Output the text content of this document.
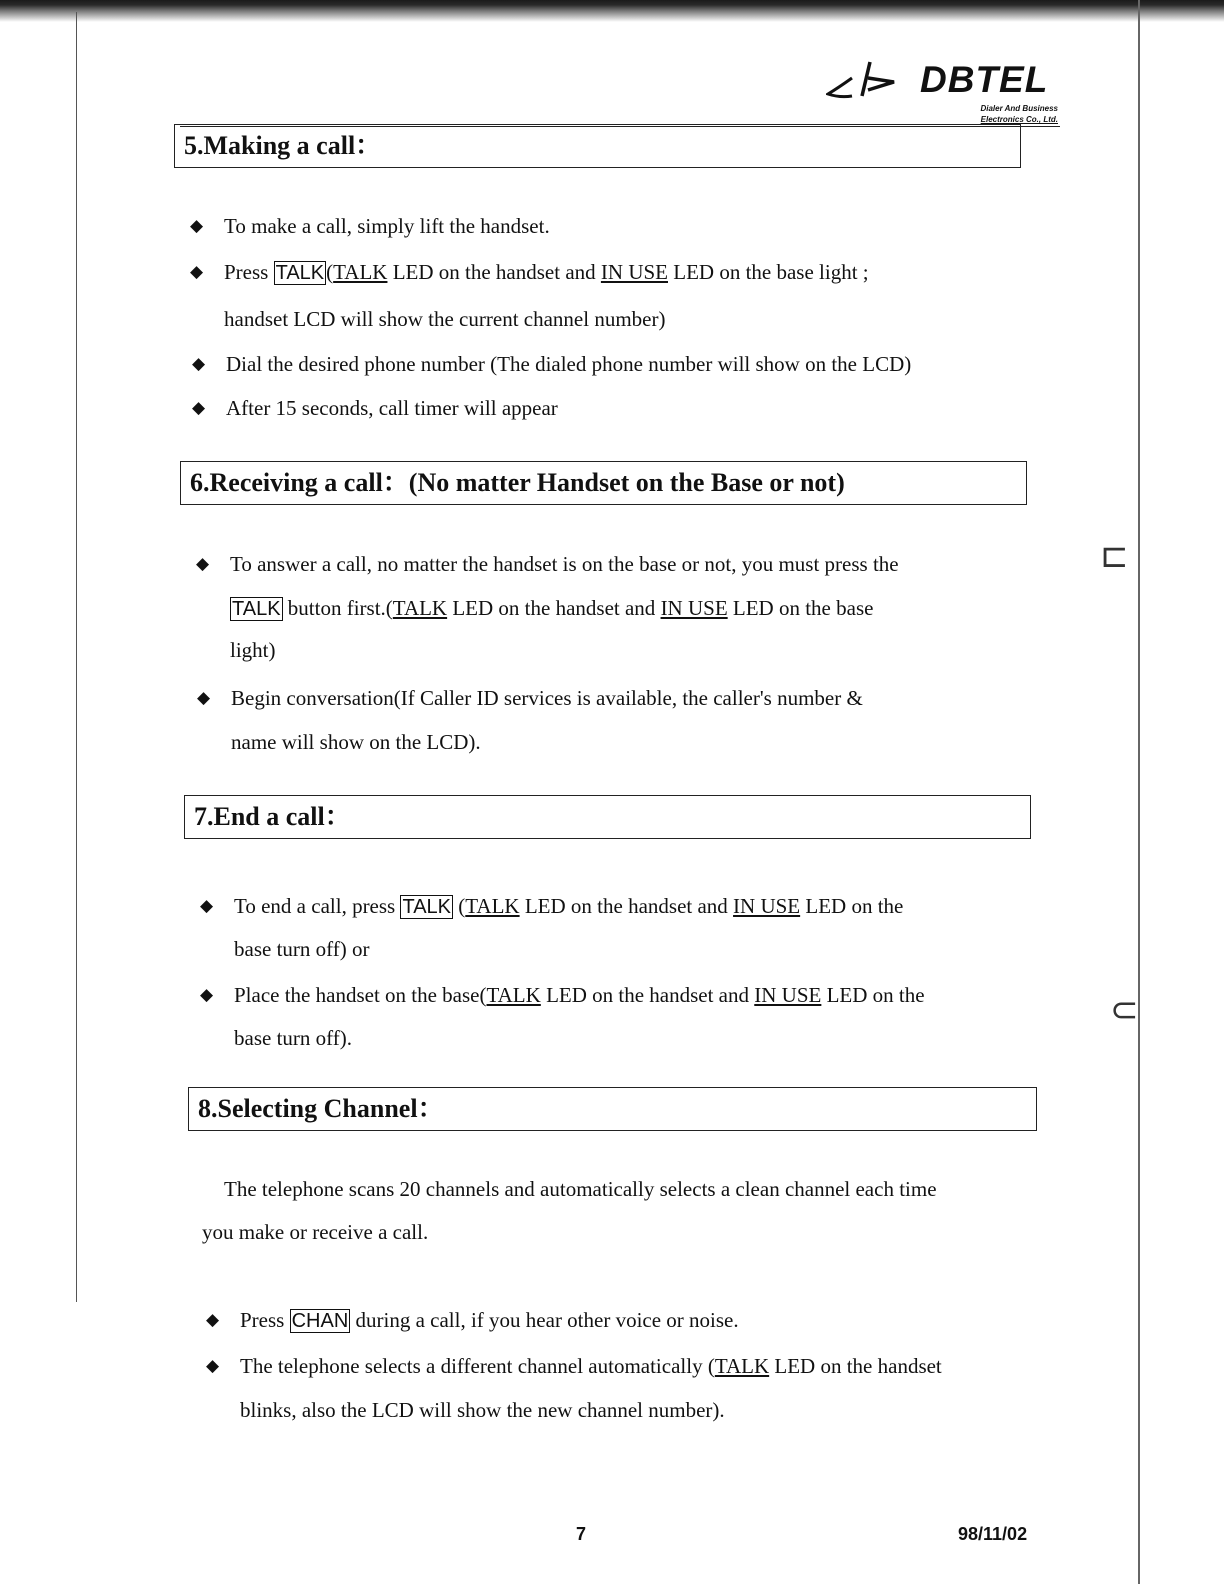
⊏
⊂
DBTEL
Dialer And Business
Electronics Co., Ltd.
5.Making a call：
◆ To make a call, simply lift the handset.
◆ Press TALK(TALK LED on the handset and IN USE LED on the base light ;
handset LCD will show the current channel number)
◆ Dial the desired phone number (The dialed phone number will show on the LCD)
◆ After 15 seconds, call timer will appear
6.Receiving a call：(No matter Handset on the Base or not)
◆ To answer a call, no matter the handset is on the base or not, you must press the
TALK button first.(TALK LED on the handset and IN USE LED on the base
light)
◆ Begin conversation(If Caller ID services is available, the caller's number &
name will show on the LCD).
7.End a call：
◆ To end a call, press TALK (TALK LED on the handset and IN USE LED on the
base turn off) or
◆ Place the handset on the base(TALK LED on the handset and IN USE LED on the
base turn off).
8.Selecting Channel：
The telephone scans 20 channels and automatically selects a clean channel each time
you make or receive a call.
◆ Press CHAN during a call, if you hear other voice or noise.
◆ The telephone selects a different channel automatically (TALK LED on the handset
blinks, also the LCD will show the new channel number).
7	98/11/02
